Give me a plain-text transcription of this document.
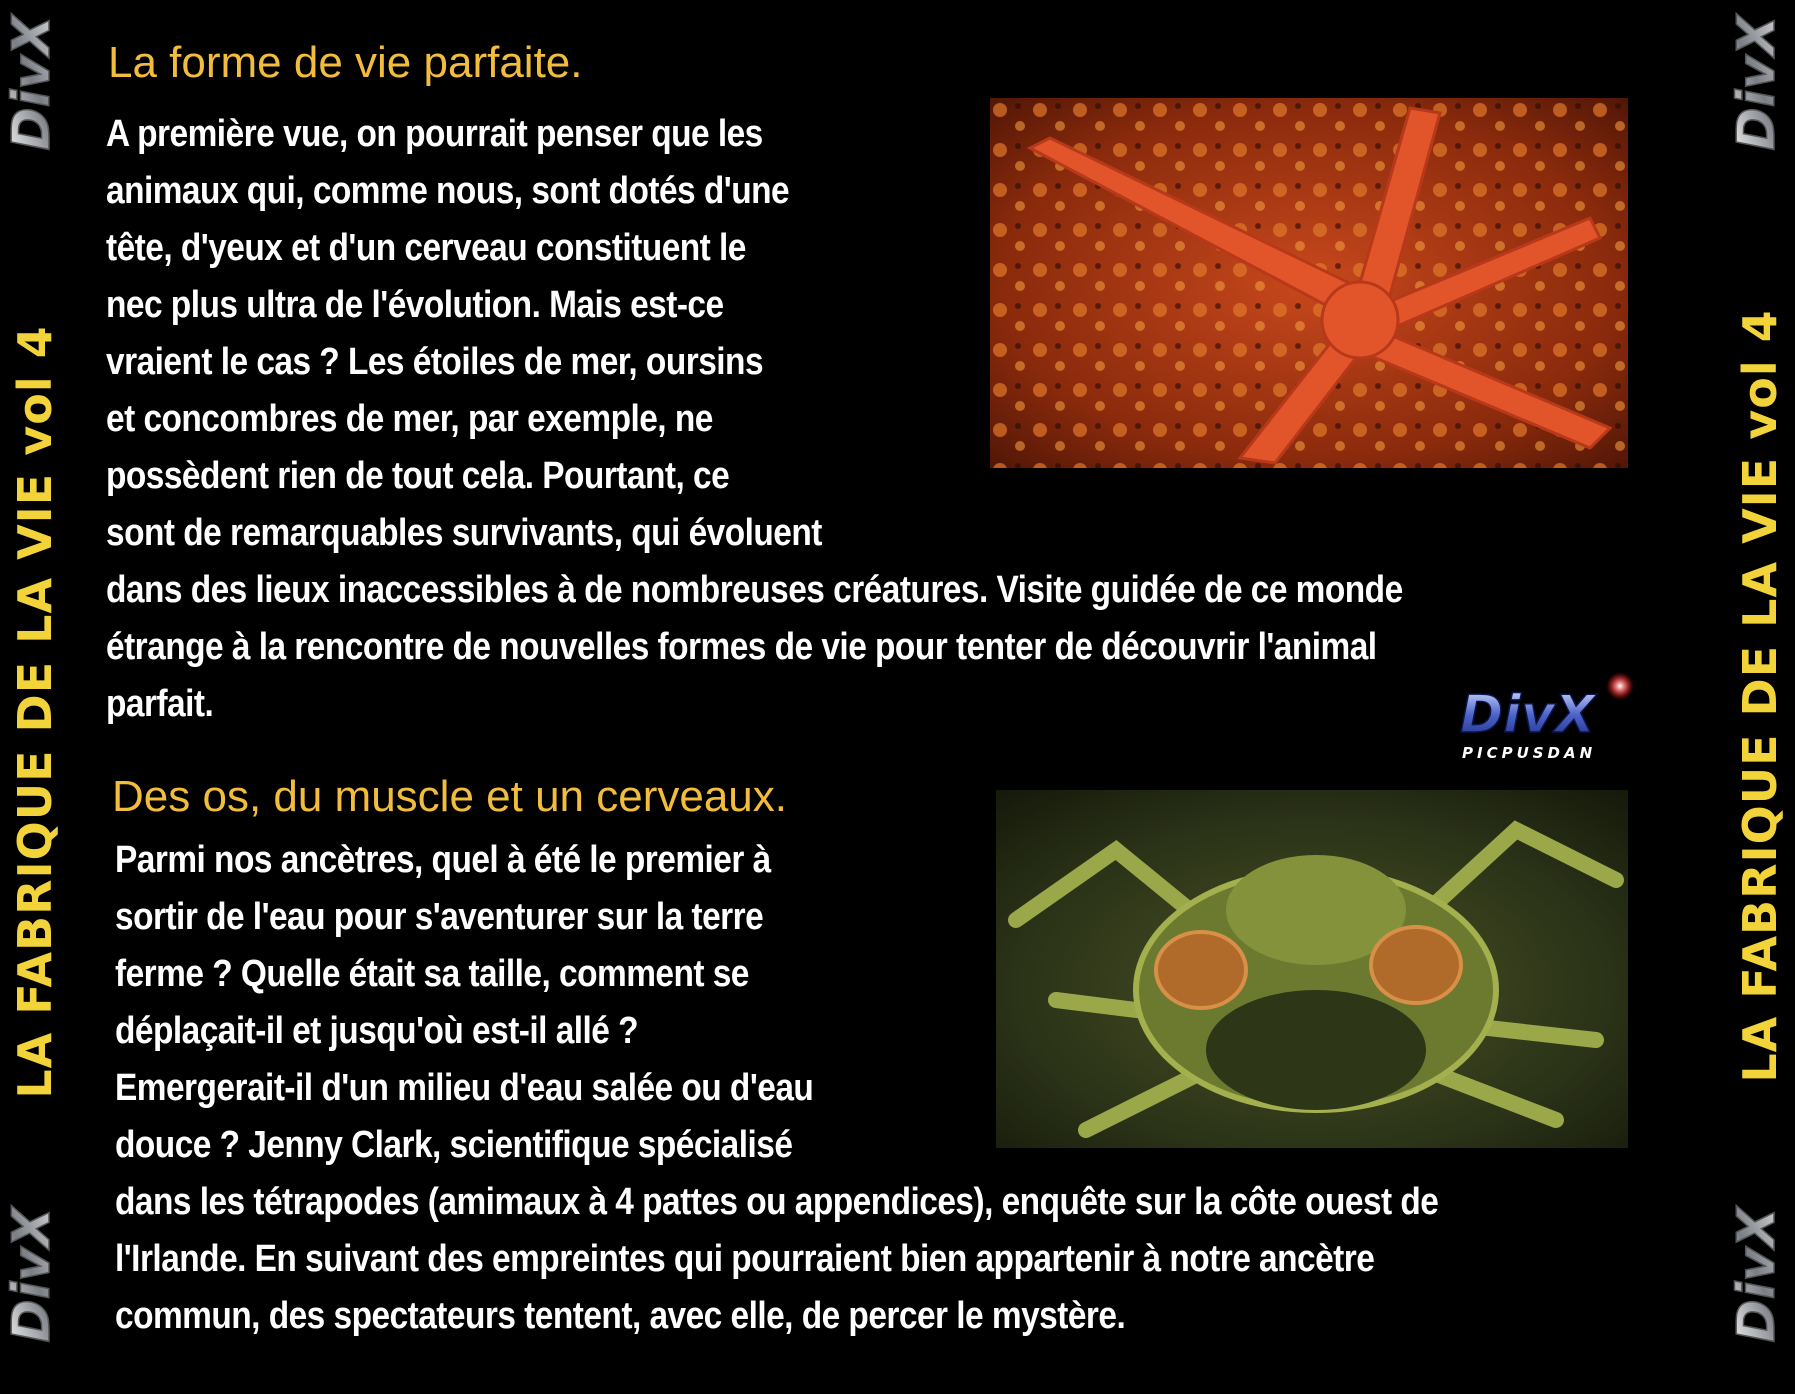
DivX
LA FABRIQUE DE LA VIE vol 4
DivX
DivX
LA FABRIQUE DE LA VIE vol 4
DivX
La forme de vie parfaite.
A première vue, on pourrait penser que les
animaux qui, comme nous, sont dotés d'une
tête, d'yeux et d'un cerveau constituent le
nec plus ultra de l'évolution. Mais est-ce
vraient le cas ? Les étoiles de mer, oursins
et concombres de mer, par exemple, ne
possèdent rien de tout cela. Pourtant, ce
sont de remarquables survivants, qui évoluent
dans des lieux inaccessibles à de nombreuses créatures. Visite guidée de ce monde
étrange à la rencontre de nouvelles formes de vie pour tenter de découvrir l'animal
parfait.
Des os, du muscle et un cerveaux.
Parmi nos ancètres, quel à été le premier à
sortir de l'eau pour s'aventurer sur la terre
ferme ? Quelle était sa taille, comment se
déplaçait-il et jusqu'où est-il allé ?
Emergerait-il d'un milieu d'eau salée ou d'eau
douce ? Jenny Clark, scientifique spécialisé
dans les tétrapodes (amimaux à 4 pattes ou appendices), enquête sur la côte ouest de
l'Irlande. En suivant des empreintes qui pourraient bien appartenir à notre ancètre
commun, des spectateurs tentent, avec elle, de percer le mystère.
DivX
PICPUSDAN
